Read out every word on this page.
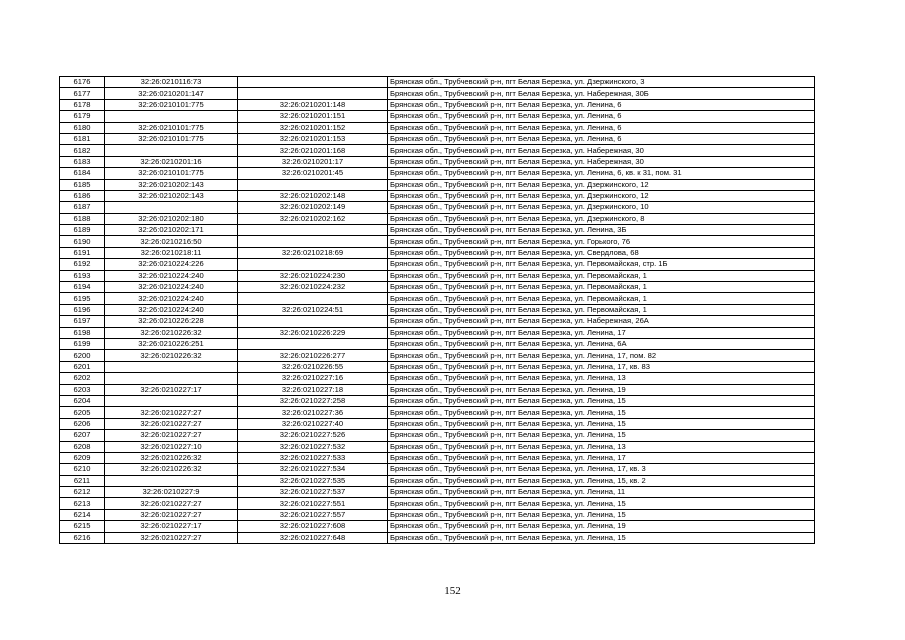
6176	32:26:0210116:73		Брянская обл., Трубчевский р-н, пгт Белая Березка, ул. Дзержинского, 3
6177	32:26:0210201:147		Брянская обл., Трубчевский р-н, пгт Белая Березка, ул. Набережная, 30Б
6178	32:26:0210101:775	32:26:0210201:148	Брянская обл., Трубчевский р-н, пгт Белая Березка, ул. Ленина, 6
6179		32:26:0210201:151	Брянская обл., Трубчевский р-н, пгт Белая Березка, ул. Ленина, 6
6180	32:26:0210101:775	32:26:0210201:152	Брянская обл., Трубчевский р-н, пгт Белая Березка, ул. Ленина, 6
6181	32:26:0210101:775	32:26:0210201:153	Брянская обл., Трубчевский р-н, пгт Белая Березка, ул. Ленина, 6
6182		32:26:0210201:168	Брянская обл., Трубчевский р-н, пгт Белая Березка, ул. Набережная, 30
6183	32:26:0210201:16	32:26:0210201:17	Брянская обл., Трубчевский р-н, пгт Белая Березка, ул. Набережная, 30
6184	32:26:0210101:775	32:26:0210201:45	Брянская обл., Трубчевский р-н, пгт Белая Березка, ул. Ленина, 6, кв. к 31, пом. 31
6185	32:26:0210202:143		Брянская обл., Трубчевский р-н, пгт Белая Березка, ул. Дзержинского, 12
6186	32:26:0210202:143	32:26:0210202:148	Брянская обл., Трубчевский р-н, пгт Белая Березка, ул. Дзержинского, 12
6187		32:26:0210202:149	Брянская обл., Трубчевский р-н, пгт Белая Березка, ул. Дзержинского, 10
6188	32:26:0210202:180	32:26:0210202:162	Брянская обл., Трубчевский р-н, пгт Белая Березка, ул. Дзержинского, 8
6189	32:26:0210202:171		Брянская обл., Трубчевский р-н, пгт Белая Березка, ул. Ленина, 3Б
6190	32:26:0210216:50		Брянская обл., Трубчевский р-н, пгт Белая Березка, ул. Горького, 76
6191	32:26:0210218:11	32:26:0210218:69	Брянская обл., Трубчевский р-н, пгт Белая Березка, ул. Свердлова, 68
6192	32:26:0210224:226		Брянская обл., Трубчевский р-н, пгт Белая Березка, ул. Первомайская, стр. 1Б
6193	32:26:0210224:240	32:26:0210224:230	Брянская обл., Трубчевский р-н, пгт Белая Березка, ул. Первомайская, 1
6194	32:26:0210224:240	32:26:0210224:232	Брянская обл., Трубчевский р-н, пгт Белая Березка, ул. Первомайская, 1
6195	32:26:0210224:240		Брянская обл., Трубчевский р-н, пгт Белая Березка, ул. Первомайская, 1
6196	32:26:0210224:240	32:26:0210224:51	Брянская обл., Трубчевский р-н, пгт Белая Березка, ул. Первомайская, 1
6197	32:26:0210226:228		Брянская обл., Трубчевский р-н, пгт Белая Березка, ул. Набережная, 26А
6198	32:26:0210226:32	32:26:0210226:229	Брянская обл., Трубчевский р-н, пгт Белая Березка, ул. Ленина, 17
6199	32:26:0210226:251		Брянская обл., Трубчевский р-н, пгт Белая Березка, ул. Ленина, 6А
6200	32:26:0210226:32	32:26:0210226:277	Брянская обл., Трубчевский р-н, пгт Белая Березка, ул. Ленина, 17, пом. 82
6201		32:26:0210226:55	Брянская обл., Трубчевский р-н, пгт Белая Березка, ул. Ленина, 17, кв. 83
6202		32:26:0210227:16	Брянская обл., Трубчевский р-н, пгт Белая Березка, ул. Ленина, 13
6203	32:26:0210227:17	32:26:0210227:18	Брянская обл., Трубчевский р-н, пгт Белая Березка, ул. Ленина, 19
6204		32:26:0210227:258	Брянская обл., Трубчевский р-н, пгт Белая Березка, ул. Ленина, 15
6205	32:26:0210227:27	32:26:0210227:36	Брянская обл., Трубчевский р-н, пгт Белая Березка, ул. Ленина, 15
6206	32:26:0210227:27	32:26:0210227:40	Брянская обл., Трубчевский р-н, пгт Белая Березка, ул. Ленина, 15
6207	32:26:0210227:27	32:26:0210227:526	Брянская обл., Трубчевский р-н, пгт Белая Березка, ул. Ленина, 15
6208	32:26:0210227:10	32:26:0210227:532	Брянская обл., Трубчевский р-н, пгт Белая Березка, ул. Ленина, 13
6209	32:26:0210226:32	32:26:0210227:533	Брянская обл., Трубчевский р-н, пгт Белая Березка, ул. Ленина, 17
6210	32:26:0210226:32	32:26:0210227:534	Брянская обл., Трубчевский р-н, пгт Белая Березка, ул. Ленина, 17, кв. 3
6211		32:26:0210227:535	Брянская обл., Трубчевский р-н, пгт Белая Березка, ул. Ленина, 15, кв. 2
6212	32:26:0210227:9	32:26:0210227:537	Брянская обл., Трубчевский р-н, пгт Белая Березка, ул. Ленина, 11
6213	32:26:0210227:27	32:26:0210227:551	Брянская обл., Трубчевский р-н, пгт Белая Березка, ул. Ленина, 15
6214	32:26:0210227:27	32:26:0210227:557	Брянская обл., Трубчевский р-н, пгт Белая Березка, ул. Ленина, 15
6215	32:26:0210227:17	32:26:0210227:608	Брянская обл., Трубчевский р-н, пгт Белая Березка, ул. Ленина, 19
6216	32:26:0210227:27	32:26:0210227:648	Брянская обл., Трубчевский р-н, пгт Белая Березка, ул. Ленина, 15
152
